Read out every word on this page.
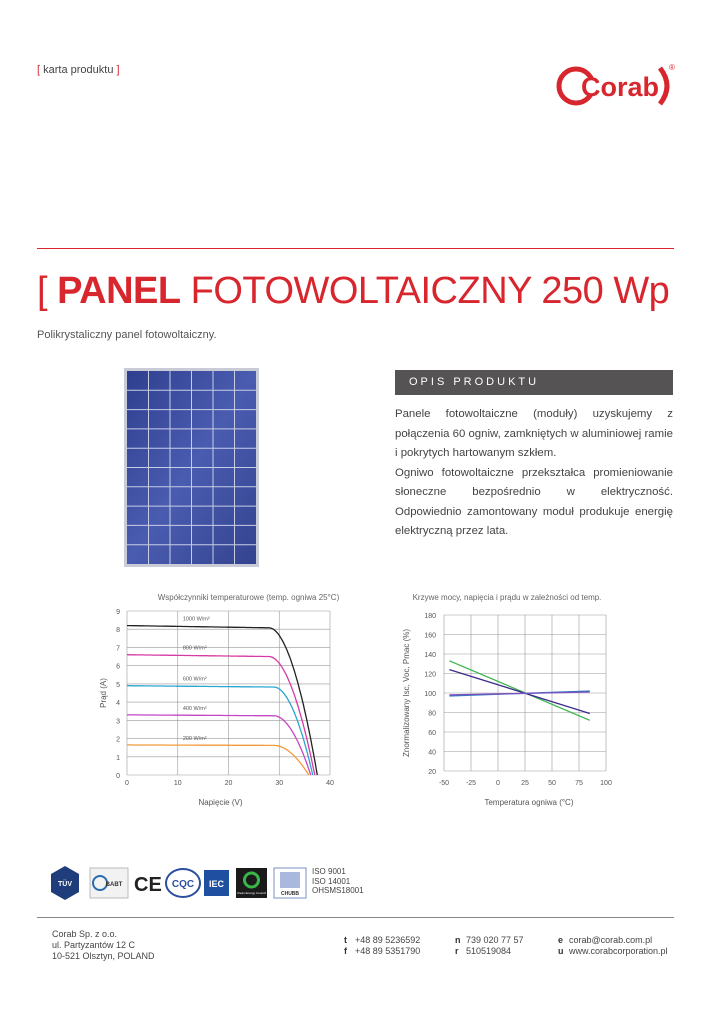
[ karta produktu ]
Corab
®
[ PANEL FOTOWOLTAICZNY 250 Wp
Polikrystaliczny panel fotowoltaiczny.
OPIS PRODUKTU

Panele fotowoltaiczne (moduły) uzyskujemy z połączenia 60 ogniw, zamkniętych w aluminiowej ramie i pokrytych hartowanym szkłem.

Ogniwo fotowoltaiczne przekształca promieniowanie słoneczne bezpośrednio w elektryczność. Odpowiednio zamontowany moduł produkuje energię elektryczną przez lata.

Współczynniki temperaturowe (temp. ogniwa 25°C)
0
1
2
3
4
5
6
7
8
9
0	10	20	30	40
Napięcie (V)
Prąd (A)
1000 W/m²
800 W/m²
600 W/m²
400 W/m²
200 W/m²
Krzywe mocy, napięcia i prądu w zależności od temp.
20
40
60
80
100
120
140
160
180
-50 -25	0	25	50	75 100
Temperatura ogniwa (°C)
Znormalizowany Isc, Voc, Pmac (%)
TÜV	BABT CE CQC IEC
Clean Energy Council	CHUBB
ISO 9001
ISO 14001
OHSMS18001
Corab Sp. z o.o.
ul. Partyzantów 12 C
10-521 Olsztyn, POLAND
t +48 89 5236592
f +48 89 5351790
n 739 020 77 57
r 510519084
e corab@corab.com.pl
u www.corabcorporation.pl
